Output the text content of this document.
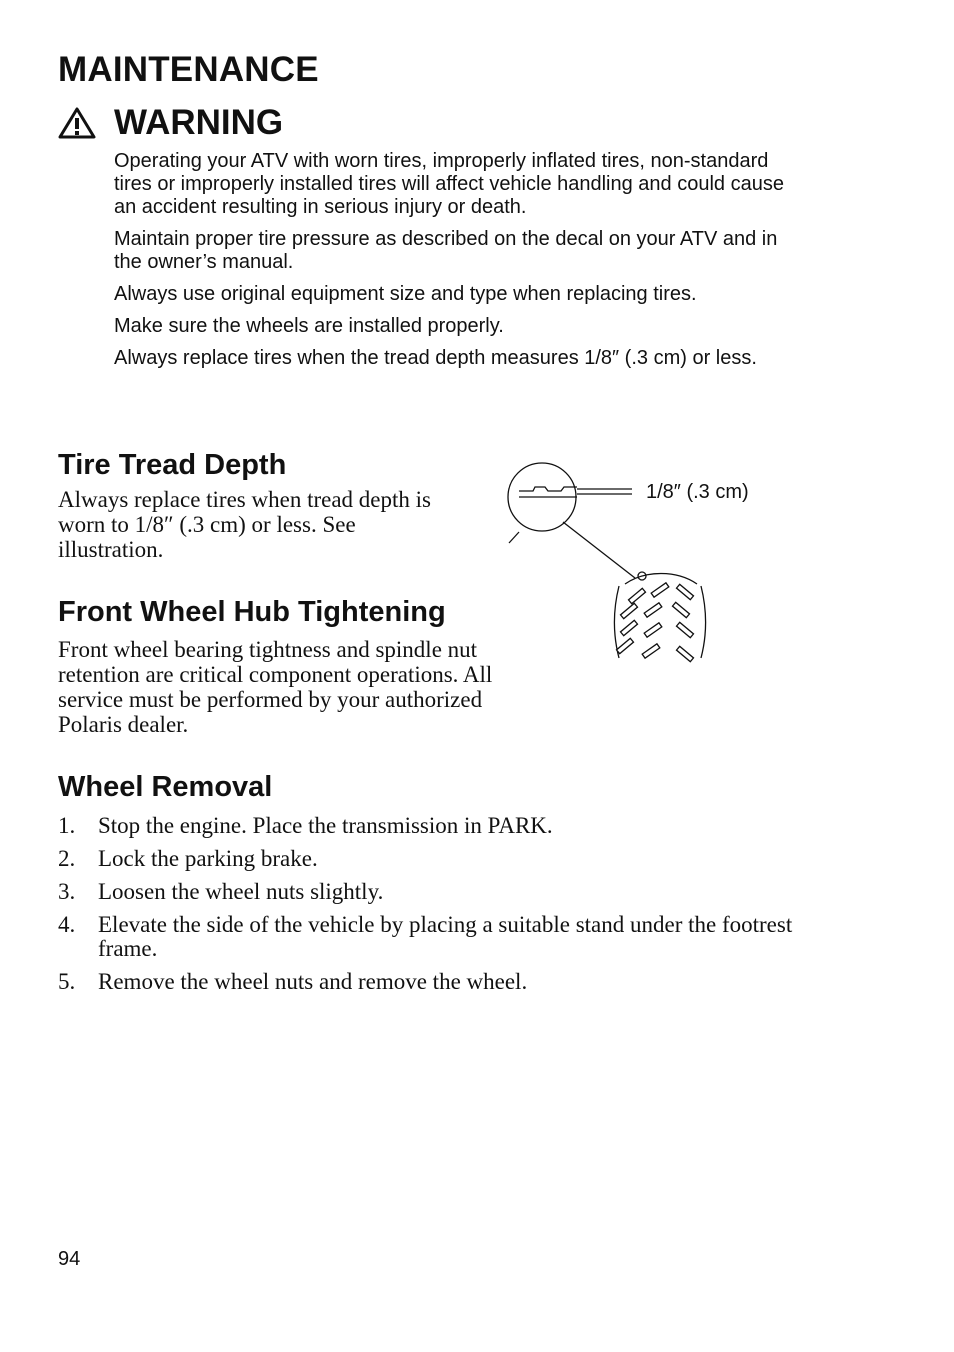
MAINTENANCE
WARNING

Operating your ATV with worn tires, improperly inflated tires, non-standard tires or improperly installed tires will affect vehicle handling and could cause an accident resulting in serious injury or death.

Maintain proper tire pressure as described on the decal on your ATV and in the owner’s manual.

Always use original equipment size and type when replacing tires.

Make sure the wheels are installed properly.

Always replace tires when the tread depth measures 1/8″ (.3 cm) or less.

Tire Tread Depth
Always replace tires when tread depth is worn to 1/8″ (.3 cm) or less. See illustration.
1/8″ (.3 cm)
Front Wheel Hub Tightening
Front wheel bearing tightness and spindle nut retention are critical component operations. All service must be performed by your authorized Polaris dealer.
Wheel Removal
1. Stop the engine. Place the transmission in PARK.
2. Lock the parking brake.
3. Loosen the wheel nuts slightly.
4. Elevate the side of the vehicle by placing a suitable stand under the footrest frame.
5. Remove the wheel nuts and remove the wheel.
94
